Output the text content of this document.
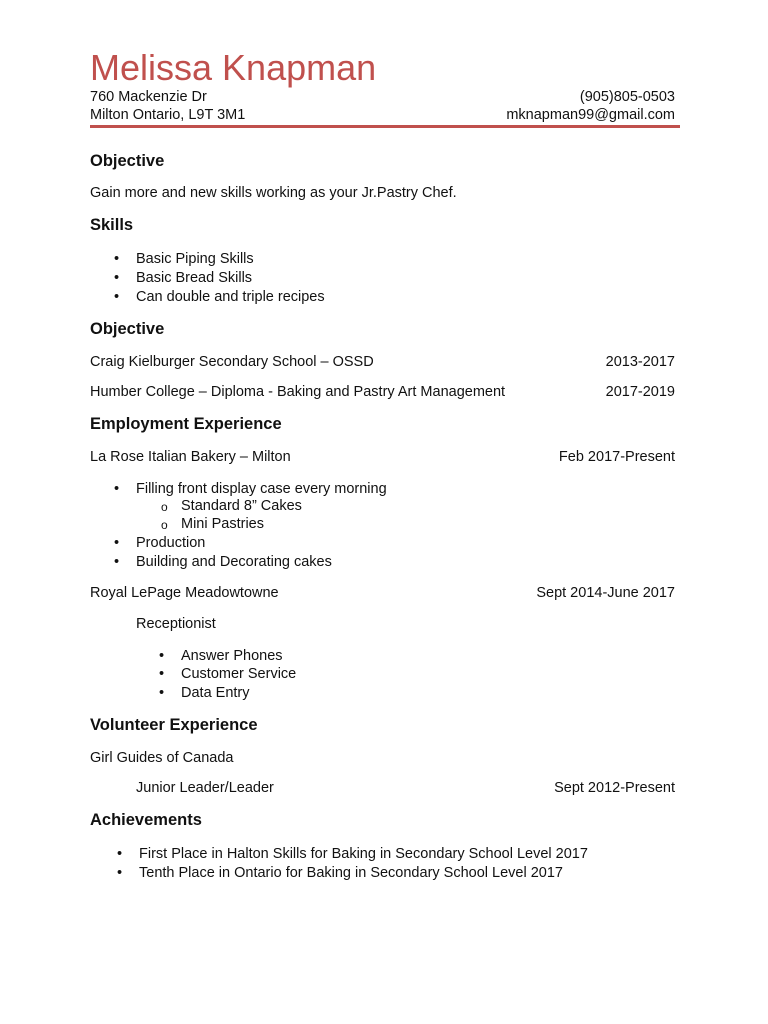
Melissa Knapman
760 Mackenzie Dr
Milton Ontario, L9T 3M1
(905)805-0503
mknapman99@gmail.com
Objective
Gain more and new skills working as your Jr.Pastry Chef.
Skills
• Basic Piping Skills
• Basic Bread Skills
• Can double and triple recipes
Objective
Craig Kielburger Secondary School – OSSD	2013-2017
Humber College – Diploma - Baking and Pastry Art Management	2017-2019
Employment Experience
La Rose Italian Bakery – Milton	Feb 2017-Present
• Filling front display case every morning
o Standard 8” Cakes
o Mini Pastries
• Production
• Building and Decorating cakes
Royal LePage Meadowtowne	Sept 2014-June 2017
Receptionist
• Answer Phones
• Customer Service
• Data Entry
Volunteer Experience
Girl Guides of Canada
Junior Leader/Leader	Sept 2012-Present
Achievements
• First Place in Halton Skills for Baking in Secondary School Level 2017
• Tenth Place in Ontario for Baking in Secondary School Level 2017
